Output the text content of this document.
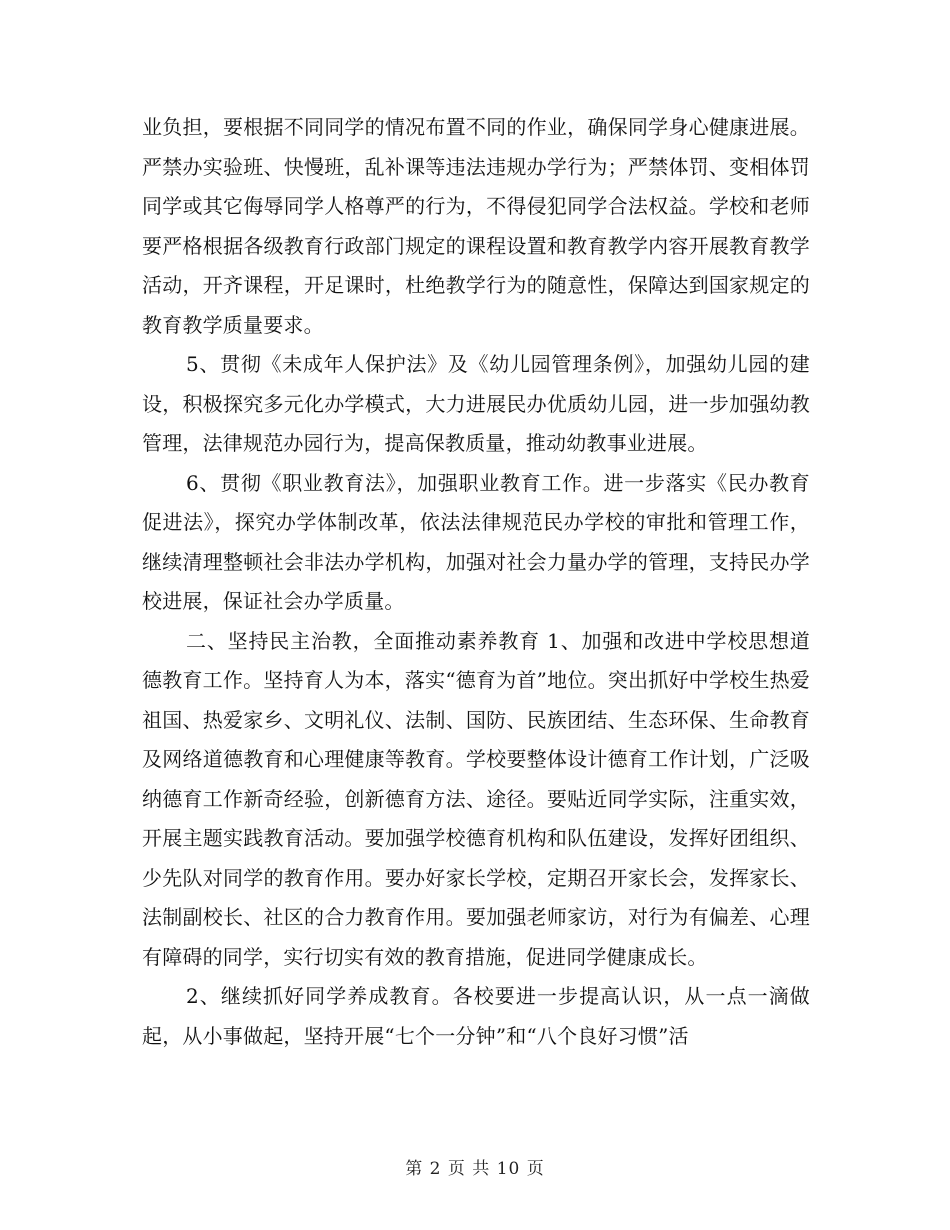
业负担，要根据不同同学的情况布置不同的作业，确保同学身心健康进展。严禁办实验班、快慢班，乱补课等违法违规办学行为；严禁体罚、变相体罚同学或其它侮辱同学人格尊严的行为，不得侵犯同学合法权益。学校和老师要严格根据各级教育行政部门规定的课程设置和教育教学内容开展教育教学活动，开齐课程，开足课时，杜绝教学行为的随意性，保障达到国家规定的教育教学质量要求。

5、贯彻《未成年人保护法》及《幼儿园管理条例》，加强幼儿园的建设，积极探究多元化办学模式，大力进展民办优质幼儿园，进一步加强幼教管理，法律规范办园行为，提高保教质量，推动幼教事业进展。

6、贯彻《职业教育法》，加强职业教育工作。进一步落实《民办教育促进法》，探究办学体制改革，依法法律规范民办学校的审批和管理工作，继续清理整顿社会非法办学机构，加强对社会力量办学的管理，支持民办学校进展，保证社会办学质量。

二、坚持民主治教，全面推动素养教育 1、加强和改进中学校思想道德教育工作。坚持育人为本，落实“德育为首”地位。突出抓好中学校生热爱祖国、热爱家乡、文明礼仪、法制、国防、民族团结、生态环保、生命教育及网络道德教育和心理健康等教育。学校要整体设计德育工作计划，广泛吸纳德育工作新奇经验，创新德育方法、途径。要贴近同学实际，注重实效，开展主题实践教育活动。要加强学校德育机构和队伍建设，发挥好团组织、少先队对同学的教育作用。要办好家长学校，定期召开家长会，发挥家长、法制副校长、社区的合力教育作用。要加强老师家访，对行为有偏差、心理有障碍的同学，实行切实有效的教育措施，促进同学健康成长。

2、继续抓好同学养成教育。各校要进一步提高认识，从一点一滴做起，从小事做起，坚持开展“七个一分钟”和“八个良好习惯”活

第 2 页 共 10 页
